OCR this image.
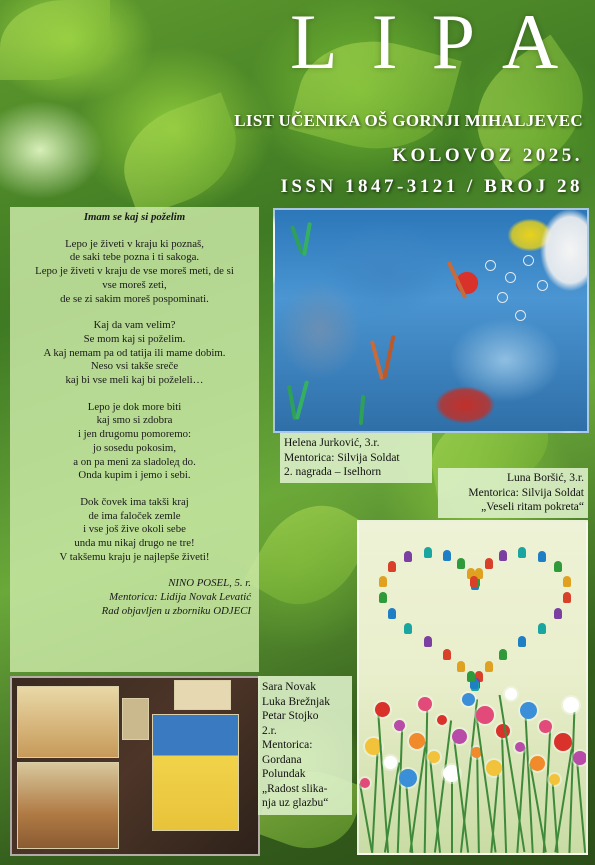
LIPA
LIST UČENIKA OŠ GORNJI MIHALJEVEC
KOLOVOZ 2025.
ISSN 1847-3121 / BROJ 28
Imam se kaj si poželim
Lepo je živeti v kraju ki poznaš,
de saki tebe pozna i ti sakoga.
Lepo je živeti v kraju de vse moreš meti, de si
vse moreš zeti,
de se zi sakim moreš pospominati.
Kaj da vam velim?
Se mom kaj si poželim.
A kaj nemam pa od tatija ili mame dobim.
Neso vsi takše sreče
kaj bi vse meli kaj bi poželeli…
Lepo je dok more biti
kaj smo si zdobra
i jen drugomu pomoremo:
jo sosedu pokosim,
a on pa meni za sladolед do.
Onda kupim i jemo i sebi.
Dok čovek ima takši kraj
de ima faloček zemle
i vse još žive okoli sebe
unda mu nikaj drugo ne tre!
V takšemu kraju je najlepše živeti!
NINO POSEL, 5. r.
Mentorica: Lidija Novak Levatić
Rad objavljen u zborniku ODJECI
Helena Jurković, 3.r.
Mentorica: Silvija Soldat
2. nagrada – Iselhorn	Luna Boršić, 3.r.
Mentorica: Silvija Soldat
„Veseli ritam pokreta“
Sara Novak
Luka Brežnjak
Petar Stojko
2.r.
Mentorica:
Gordana
Polundak
„Radost slika-
nja uz glazbu“
